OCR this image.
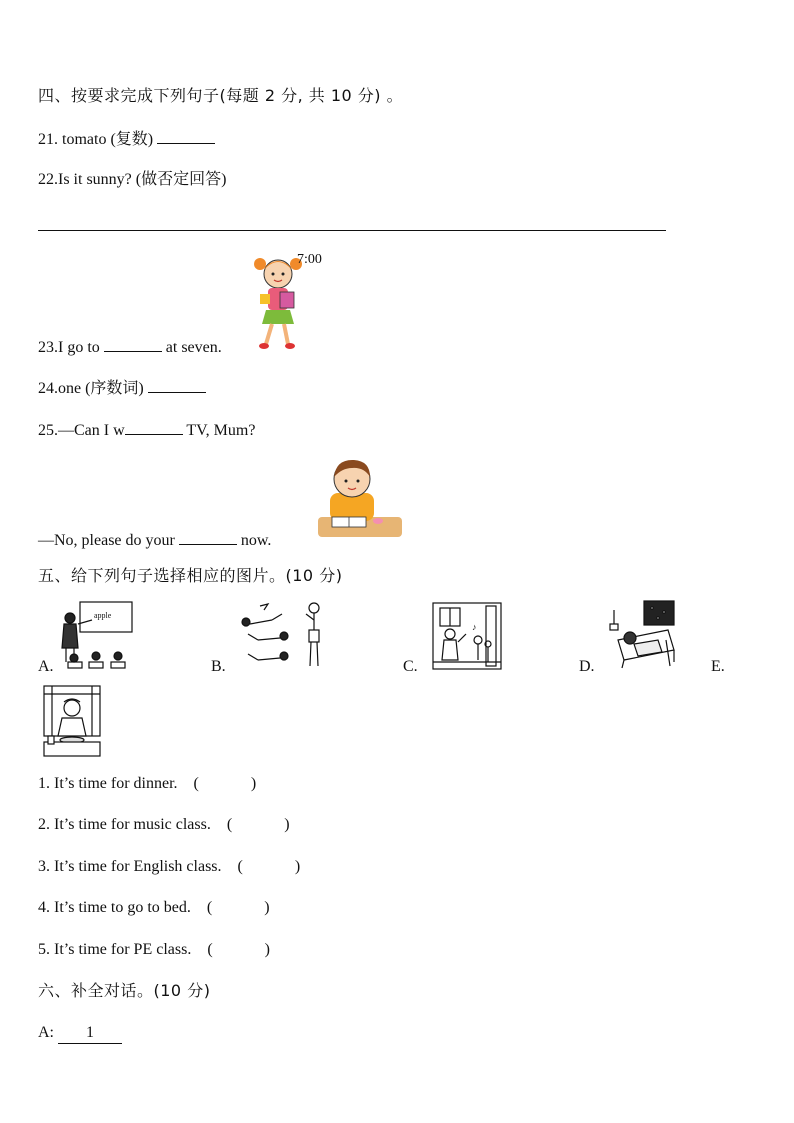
四、按要求完成下列句子(每题 2 分, 共 10 分) 。
21. tomato (复数)
22.Is it sunny? (做否定回答)
7:00
23.I go to	at seven.
24.one (序数词)
25.—Can I w	TV, Mum?
—No, please do your	now.
五、给下列句子选择相应的图片。(10 分)
apple
A.	B.
♪
C.	D.	E.
1. It’s time for dinner. (	)
2. It’s time for music class. (	)
3. It’s time for English class. (	)
4. It’s time to go to bed. (	)
5. It’s time for PE class. (	)
六、补全对话。(10 分)
A: 1
